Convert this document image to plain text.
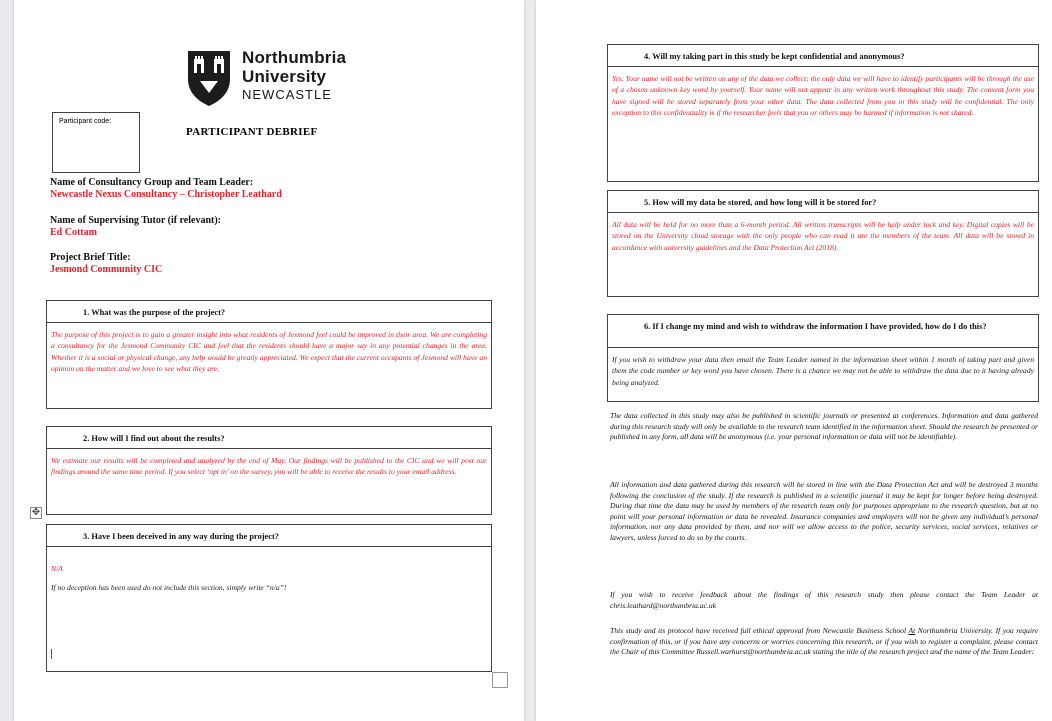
Northumbria
University
NEWCASTLE
Participant code:
PARTICIPANT DEBRIEF
Name of Consultancy Group and Team Leader:
Newcastle Nexus Consultancy – Christopher Leathard
Name of Supervising Tutor (if relevant):
Ed Cottam
Project Brief Title:
Jesmond Community CIC
1. What was the purpose of the project?
The purpose of this project is to gain a greater insight into what residents of Jesmond feel could be improved in their area. We are completing a consultancy for the Jesmond Community CIC and feel that the residents should have a major say in any potential changes in the area. Whether it is a social or physical change, any help would be greatly appreciated. We expect that the current occupants of Jesmond will have an opinion on the matter and we love to see what they are.
2. How will I find out about the results?
We estimate our results will be completed and analyzed by the end of May. Our findings will be published to the CIC and we will post our findings around the same time period. If you select ‘opt in’ on the survey, you will be able to receive the results to your email address.
3. Have I been deceived in any way during the project?
N/A
If no deception has been used do not include this section, simply write “n/a”!
✥
4. Will my taking part in this study be kept confidential and anonymous?
Yes. Your name will not be written on any of the data we collect; the only data we will have to identify participants will be through the use of a chosen unknown key word by yourself. Your name will not appear in any written work throughout this study. The consent form you have signed will be stored separately from your other data. The data collected from you in this study will be confidential. The only exception to this confidentiality is if the researcher feels that you or others may be harmed if information is not shared.
5. How will my data be stored, and how long will it be stored for?
All data will be held for no more than a 6-month period. All written transcripts will be help under lock and key. Digital copies will be stored on the University cloud storage with the only people who can read it are the members of the team. All data will be stored in accordance with university guidelines and the Data Protection Act (2018).
6. If I change my mind and wish to withdraw the information I have provided, how do I do this?
If you wish to withdraw your data then email the Team Leader named in the information sheet within 1 month of taking part and given them the code number or key word you have chosen. There is a chance we may not be able to withdraw the data due to it having already being analyzed.
The data collected in this study may also be published in scientific journals or presented at conferences. Information and data gathered during this research study will only be available to the research team identified in the information sheet. Should the research be presented or published in any form, all data will be anonymous (i.e. your personal information or data will not be identifiable).
All information and data gathered during this research will be stored in line with the Data Protection Act and will be destroyed 3 months following the conclusion of the study. If the research is published in a scientific journal it may be kept for longer before being destroyed. During that time the data may be used by members of the research team only for purposes appropriate to the research question, but at no point will your personal information or data be revealed. Insurance companies and employers will not be given any individual’s personal information, nor any data provided by them, and nor will we allow access to the police, security services, social services, relatives or lawyers, unless forced to do so by the courts.
If you wish to receive feedback about the findings of this research study then please contact the Team Leader at chris.leathard@northumbria.ac.uk
This study and its protocol have received full ethical approval from Newcastle Business School At Northumbria University. If you require confirmation of this, or if you have any concerns or worries concerning this research, or if you wish to register a complaint, please contact the Chair of this Committee Russell.warhurst@northumbria.ac.uk stating the title of the research project and the name of the Team Leader:
